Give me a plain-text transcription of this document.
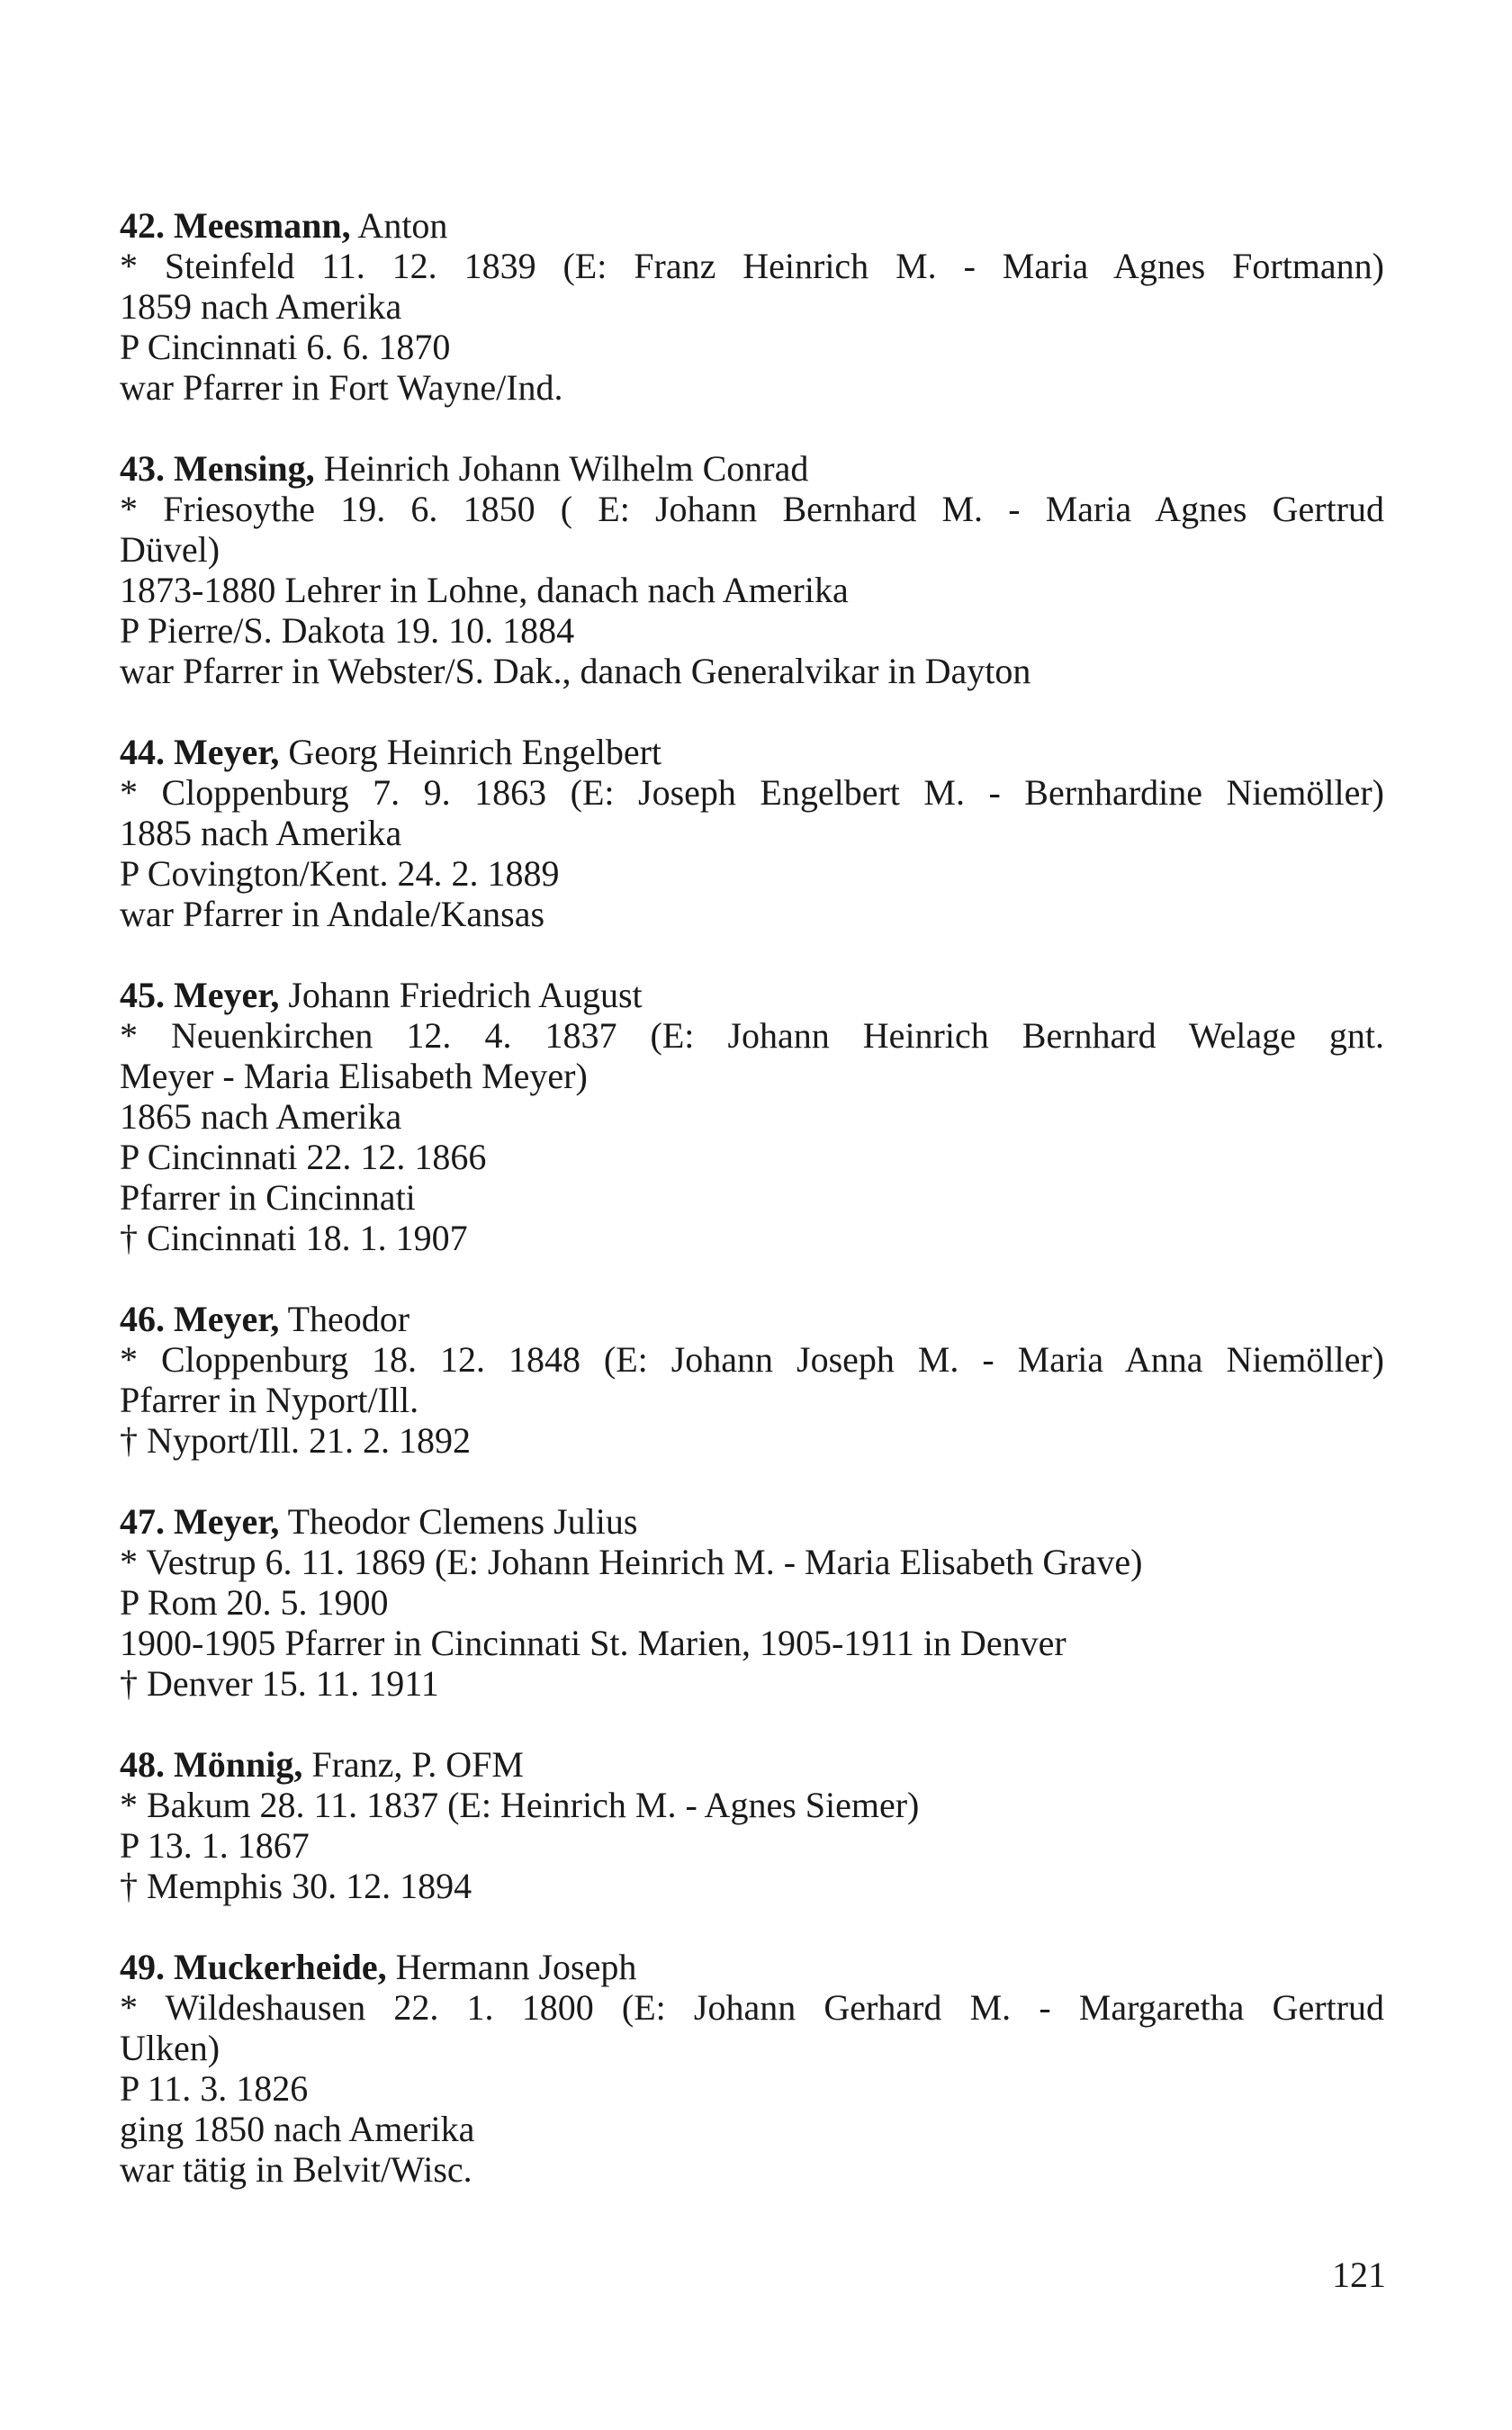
42. Meesmann, Anton
* Steinfeld 11. 12. 1839 (E: Franz Heinrich M. - Maria Agnes Fortmann)
1859 nach Amerika
P Cincinnati 6. 6. 1870
war Pfarrer in Fort Wayne/Ind.
43. Mensing, Heinrich Johann Wilhelm Conrad
* Friesoythe 19. 6. 1850 ( E: Johann Bernhard M. - Maria Agnes Gertrud
Düvel)
1873-1880 Lehrer in Lohne, danach nach Amerika
P Pierre/S. Dakota 19. 10. 1884
war Pfarrer in Webster/S. Dak., danach Generalvikar in Dayton
44. Meyer, Georg Heinrich Engelbert
* Cloppenburg 7. 9. 1863 (E: Joseph Engelbert M. - Bernhardine Niemöller)
1885 nach Amerika
P Covington/Kent. 24. 2. 1889
war Pfarrer in Andale/Kansas
45. Meyer, Johann Friedrich August
* Neuenkirchen 12. 4. 1837 (E: Johann Heinrich Bernhard Welage gnt.
Meyer - Maria Elisabeth Meyer)
1865 nach Amerika
P Cincinnati 22. 12. 1866
Pfarrer in Cincinnati
† Cincinnati 18. 1. 1907
46. Meyer, Theodor
* Cloppenburg 18. 12. 1848 (E: Johann Joseph M. - Maria Anna Niemöller)
Pfarrer in Nyport/Ill.
† Nyport/Ill. 21. 2. 1892
47. Meyer, Theodor Clemens Julius
* Vestrup 6. 11. 1869 (E: Johann Heinrich M. - Maria Elisabeth Grave)
P Rom 20. 5. 1900
1900-1905 Pfarrer in Cincinnati St. Marien, 1905-1911 in Denver
† Denver 15. 11. 1911
48. Mönnig, Franz, P. OFM
* Bakum 28. 11. 1837 (E: Heinrich M. - Agnes Siemer)
P 13. 1. 1867
† Memphis 30. 12. 1894
49. Muckerheide, Hermann Joseph
* Wildeshausen 22. 1. 1800 (E: Johann Gerhard M. - Margaretha Gertrud
Ulken)
P 11. 3. 1826
ging 1850 nach Amerika
war tätig in Belvit/Wisc.
121
